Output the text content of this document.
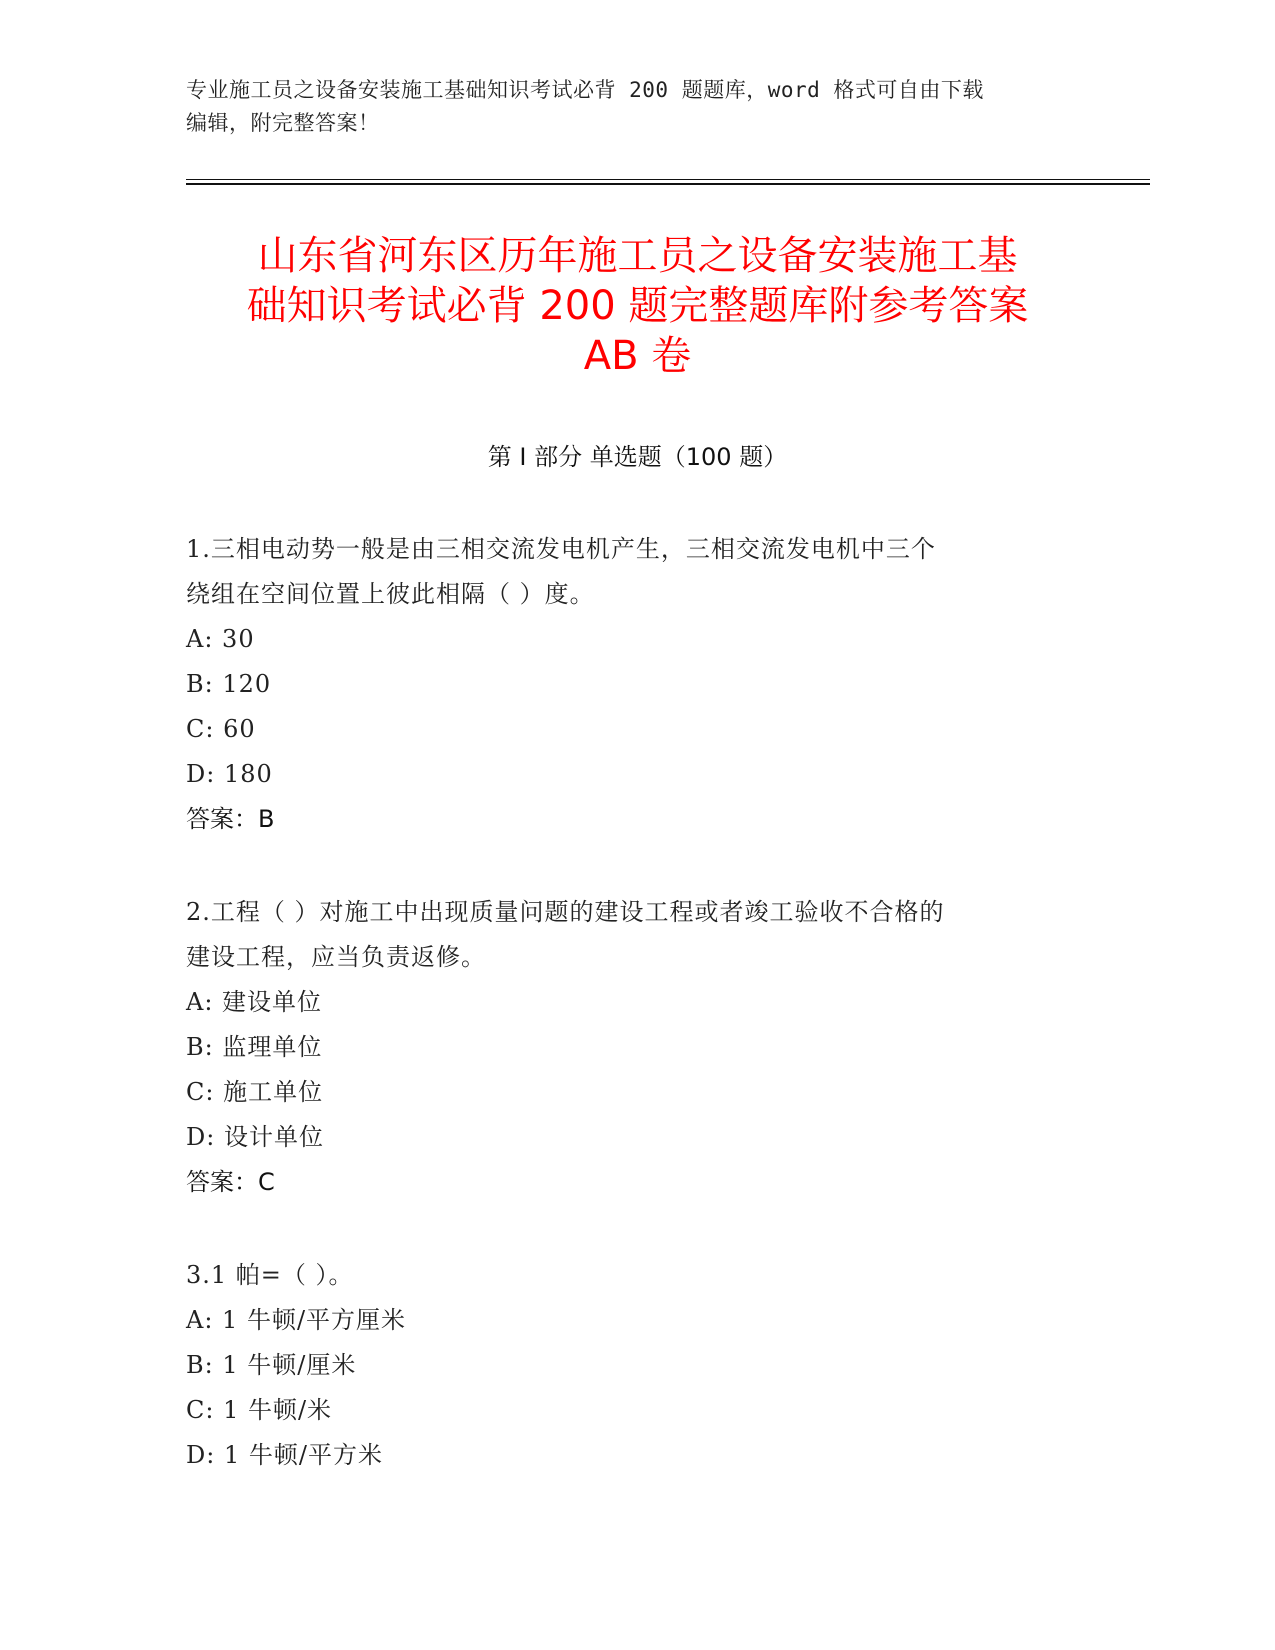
专业施工员之设备安装施工基础知识考试必背 200 题题库，word 格式可自由下载
编辑，附完整答案！
山东省河东区历年施工员之设备安装施工基
础知识考试必背 200 题完整题库附参考答案
AB 卷
第 I 部分 单选题（100 题）
1.三相电动势一般是由三相交流发电机产生，三相交流发电机中三个
绕组在空间位置上彼此相隔（ ）度。
A: 30
B: 120
C: 60
D: 180
答案：B
2.工程（ ）对施工中出现质量问题的建设工程或者竣工验收不合格的
建设工程，应当负责返修。
A: 建设单位
B: 监理单位
C: 施工单位
D: 设计单位
答案：C
3.1 帕=（ ）。
A: 1 牛顿/平方厘米
B: 1 牛顿/厘米
C: 1 牛顿/米
D: 1 牛顿/平方米
